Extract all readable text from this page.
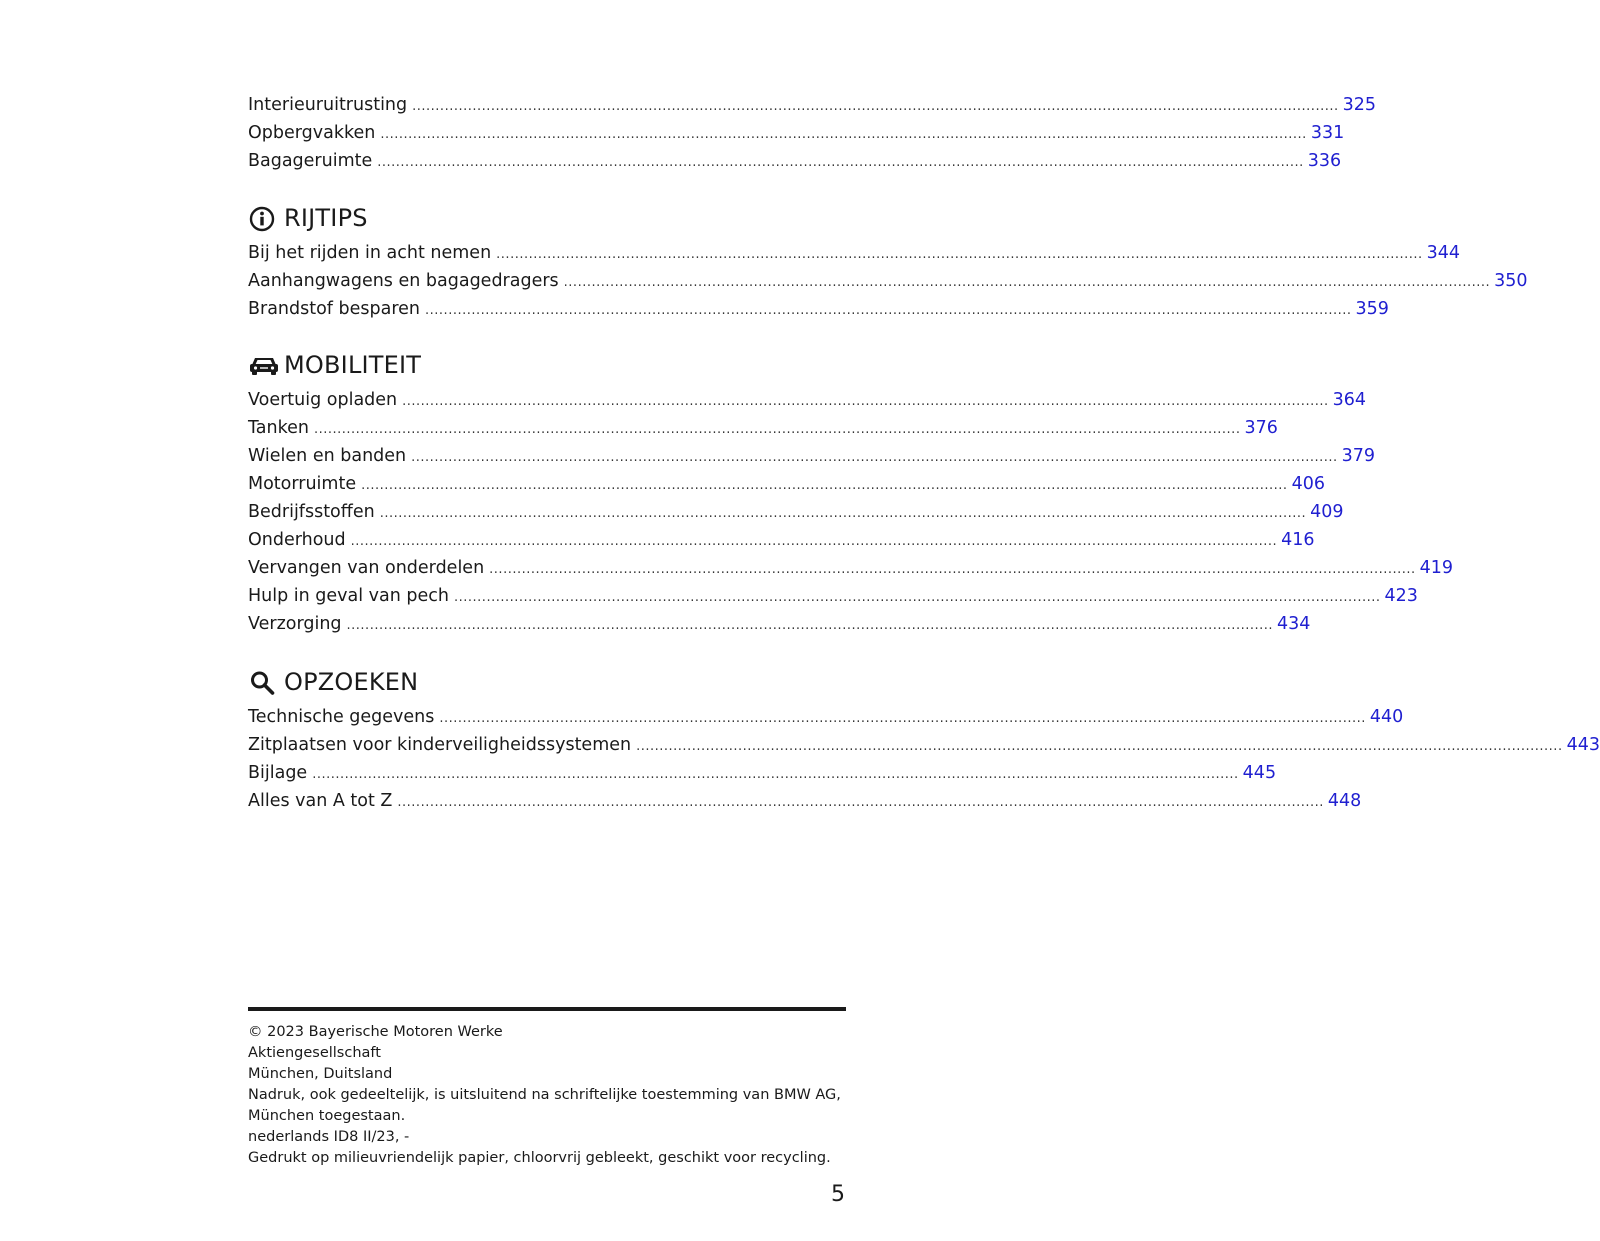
Interieuruitrusting ........................................................................................................................................................................................................ 325
Opbergvakken ........................................................................................................................................................................................................ 331
Bagageruimte ........................................................................................................................................................................................................ 336
RIJTIPS
Bij het rijden in acht nemen ........................................................................................................................................................................................................ 344
Aanhangwagens en bagagedragers ........................................................................................................................................................................................................ 350
Brandstof besparen ........................................................................................................................................................................................................ 359
MOBILITEIT
Voertuig opladen ........................................................................................................................................................................................................ 364
Tanken ........................................................................................................................................................................................................ 376
Wielen en banden ........................................................................................................................................................................................................ 379
Motorruimte ........................................................................................................................................................................................................ 406
Bedrijfsstoffen ........................................................................................................................................................................................................ 409
Onderhoud ........................................................................................................................................................................................................ 416
Vervangen van onderdelen ........................................................................................................................................................................................................ 419
Hulp in geval van pech ........................................................................................................................................................................................................ 423
Verzorging ........................................................................................................................................................................................................ 434
OPZOEKEN
Technische gegevens ........................................................................................................................................................................................................ 440
Zitplaatsen voor kinderveiligheidssystemen ........................................................................................................................................................................................................ 443
Bijlage ........................................................................................................................................................................................................ 445
Alles van A tot Z ........................................................................................................................................................................................................ 448
© 2023 Bayerische Motoren Werke
Aktiengesellschaft
München, Duitsland
Nadruk, ook gedeeltelijk, is uitsluitend na schriftelijke toestemming van BMW AG,
München toegestaan.
nederlands ID8 II/23, -
Gedrukt op milieuvriendelijk papier, chloorvrij gebleekt, geschikt voor recycling.
5
